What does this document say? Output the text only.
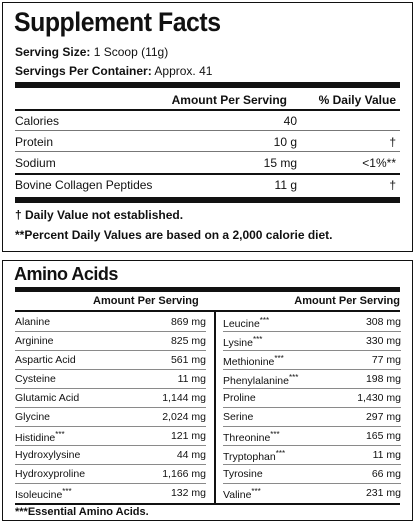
Supplement Facts
Serving Size: 1 Scoop (11g)
Servings Per Container: Approx. 41
Amount Per Serving	% Daily Value
Calories	40
Protein	10 g	†
Sodium	15 mg	<1%**
Bovine Collagen Peptides	11 g	†
† Daily Value not established.
**Percent Daily Values are based on a 2,000 calorie diet.
Amino Acids
Amount Per Serving	Amount Per Serving
Alanine	869 mg
Arginine	825 mg
Aspartic Acid	561 mg
Cysteine	11 mg
Glutamic Acid	1,144 mg
Glycine	2,024 mg
Histidine***	121 mg
Hydroxylysine	44 mg
Hydroxyproline	1,166 mg
Isoleucine***	132 mg
Leucine***	308 mg
Lysine***	330 mg
Methionine***	77 mg
Phenylalanine***	198 mg
Proline	1,430 mg
Serine	297 mg
Threonine***	165 mg
Tryptophan***	11 mg
Tyrosine	66 mg
Valine***	231 mg
***Essential Amino Acids.
